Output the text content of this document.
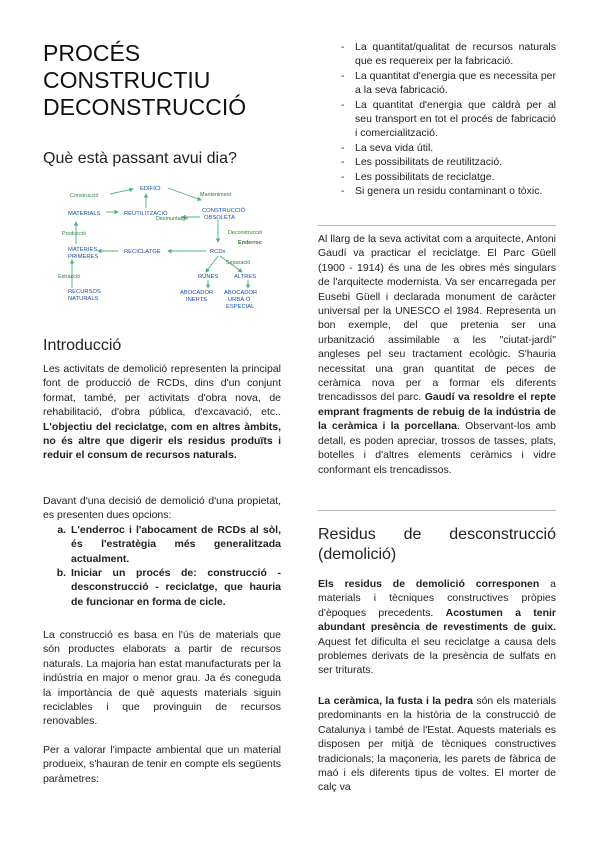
PROCÉS CONSTRUCTIU DECONSTRUCCIÓ
Què està passant avui dia?
EDIFICI
MATERIALS	REUTILITZACIÓ	CONSTRUCCIÓ
OBSOLETA
MATÈRIES
PRIMERES
RECICLATGE	RCDs
RUNES	ALTRES
RECURSOS
NATURALS
ABOCADOR
INERTS
ABOCADOR
URBÀ O
ESPECIAL
Construcció	Manteniment
Desmuntatge
Producció	Deconstrucció
Enderroc
Extracció
Separació
Introducció

Les activitats de demolició representen la principal font de producció de RCDs, dins d'un conjunt format, també, per activitats d'obra nova, de rehabilitació, d'obra pública, d'excavació, etc.. L'objectiu del reciclatge, com en altres àmbits, no és altre que digerir els residus produïts i reduir el consum de recursos naturals.

Davant d'una decisió de demolició d'una propietat, es presenten dues opcions:

a. L'enderroc i l'abocament de RCDs al sòl, és l'estratègia més generalitzada actualment.
b. Iniciar un procés de: construcció - desconstrucció - reciclatge, que hauria de funcionar en forma de cicle.

La construcció es basa en l'ús de materials que són productes elaborats a partir de recursos naturals. La majoria han estat manufacturats per la indústria en major o menor grau. Ja és coneguda la importància de què aquests materials siguin reciclables i que provinguin de recursos renovables.

Per a valorar l'impacte ambiental que un material produeix, s'hauran de tenir en compte els següents paràmetres:

- La quantitat/qualitat de recursos naturals que es requereix per la fabricació.
- La quantitat d'energia que es necessita per a la seva fabricació.
- La quantitat d'energia que caldrà per al seu transport en tot el procés de fabricació i comercialització.
- La seva vida útil.
- Les possibilitats de reutilització.
- Les possibilitats de reciclatge.
- Si genera un residu contaminant o tòxic.

Al llarg de la seva activitat com a arquitecte, Antoni Gaudí va practicar el reciclatge. El Parc Güell (1900 - 1914) és una de les obres més singulars de l'arquitecte modernista. Va ser encarregada per Eusebi Güell i declarada monument de caràcter universal per la UNESCO el 1984. Representa un bon exemple, del que pretenia ser una urbanització assimilable a les "ciutat-jardí" angleses pel seu tractament ecològic. S'hauria necessitat una gran quantitat de peces de ceràmica nova per a formar els diferents trencadissos del parc. Gaudí va resoldre el repte emprant fragments de rebuig de la indústria de la ceràmica i la porcellana. Observant-los amb detall, es poden apreciar, trossos de tasses, plats, botelles i d'altres elements ceràmics i vidre conformant els trencadissos.

Residus de desconstrucció
(demolició)

Els residus de demolició corresponen a materials i tècniques constructives pròpies d'èpoques precedents. Acostumen a tenir abundant presència de revestiments de guix. Aquest fet dificulta el seu reciclatge a causa dels problemes derivats de la presència de sulfats en ser triturats.

La ceràmica, la fusta i la pedra són els materials predominants en la història de la construcció de Catalunya i també de l'Estat. Aquests materials es disposen per mitjà de tècniques constructives tradicionals; la maçoneria, les parets de fàbrica de maó i els diferents tipus de voltes. El morter de calç va
